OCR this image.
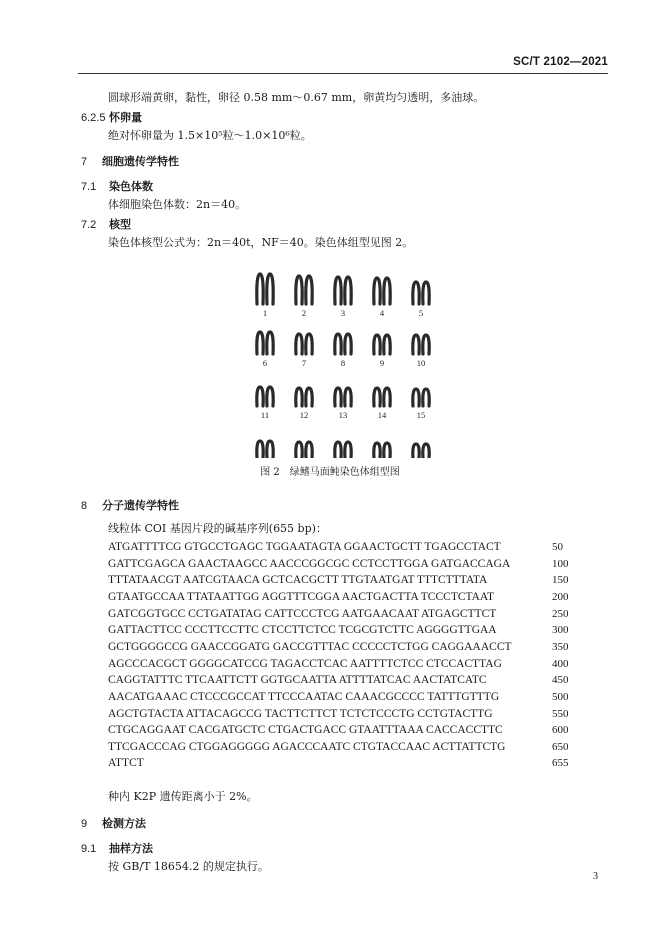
SC/T 2102—2021
圆球形端黄卵，黏性，卵径 0.58 mm～0.67 mm，卵黄均匀透明，多油球。
6.2.5 怀卵量
绝对怀卵量为 1.5×10⁵粒～1.0×10⁶粒。
7 细胞遗传学特性
7.1 染色体数
体细胞染色体数：2n＝40。
7.2 核型
染色体核型公式为：2n＝40t，NF＝40。染色体组型见图 2。
1	2	3	4	5
6	7	8	9	10
11	12	13	14	15
图 2　绿鳍马面鲀染色体组型图
8 分子遗传学特性
线粒体 COI 基因片段的碱基序列(655 bp)：
ATGATTTTCG GTGCCTGAGC TGGAATAGTA GGAACTGCTT TGAGCCTACT	50
GATTCGAGCA GAACTAAGCC AACCCGGCGC CCTCCTTGGA GATGACCAGA	100
TTTATAACGT AATCGTAACA GCTCACGCTT TTGTAATGAT TTTCTTTATA	150
GTAATGCCAA TTATAATTGG AGGTTTCGGA AACTGACTTA TCCCTCTAAT	200
GATCGGTGCC CCTGATATAG CATTCCCTCG AATGAACAAT ATGAGCTTCT	250
GATTACTTCC CCCTTCCTTC CTCCTTCTCC TCGCGTCTTC AGGGGTTGAA	300
GCTGGGGCCG GAACCGGATG GACCGTTTAC CCCCCTCTGG CAGGAAACCT	350
AGCCCACGCT GGGGCATCCG TAGACCTCAC AATTTTCTCC CTCCACTTAG	400
CAGGTATTTC TTCAATTCTT GGTGCAATTA ATTTTATCAC AACTATCATC	450
AACATGAAAC CTCCCGCCAT TTCCCAATAC CAAACGCCCC TATTTGTTTG	500
AGCTGTACTA ATTACAGCCG TACTTCTTCT TCTCTCCCTG CCTGTACTTG	550
CTGCAGGAAT CACGATGCTC CTGACTGACC GTAATTTAAA CACCACCTTC	600
TTCGACCCAG CTGGAGGGGG AGACCCAATC CTGTACCAAC ACTTATTCTG	650
ATTCT	655
种内 K2P 遗传距离小于 2%。
9 检测方法
9.1 抽样方法
按 GB/T 18654.2 的规定执行。
3
